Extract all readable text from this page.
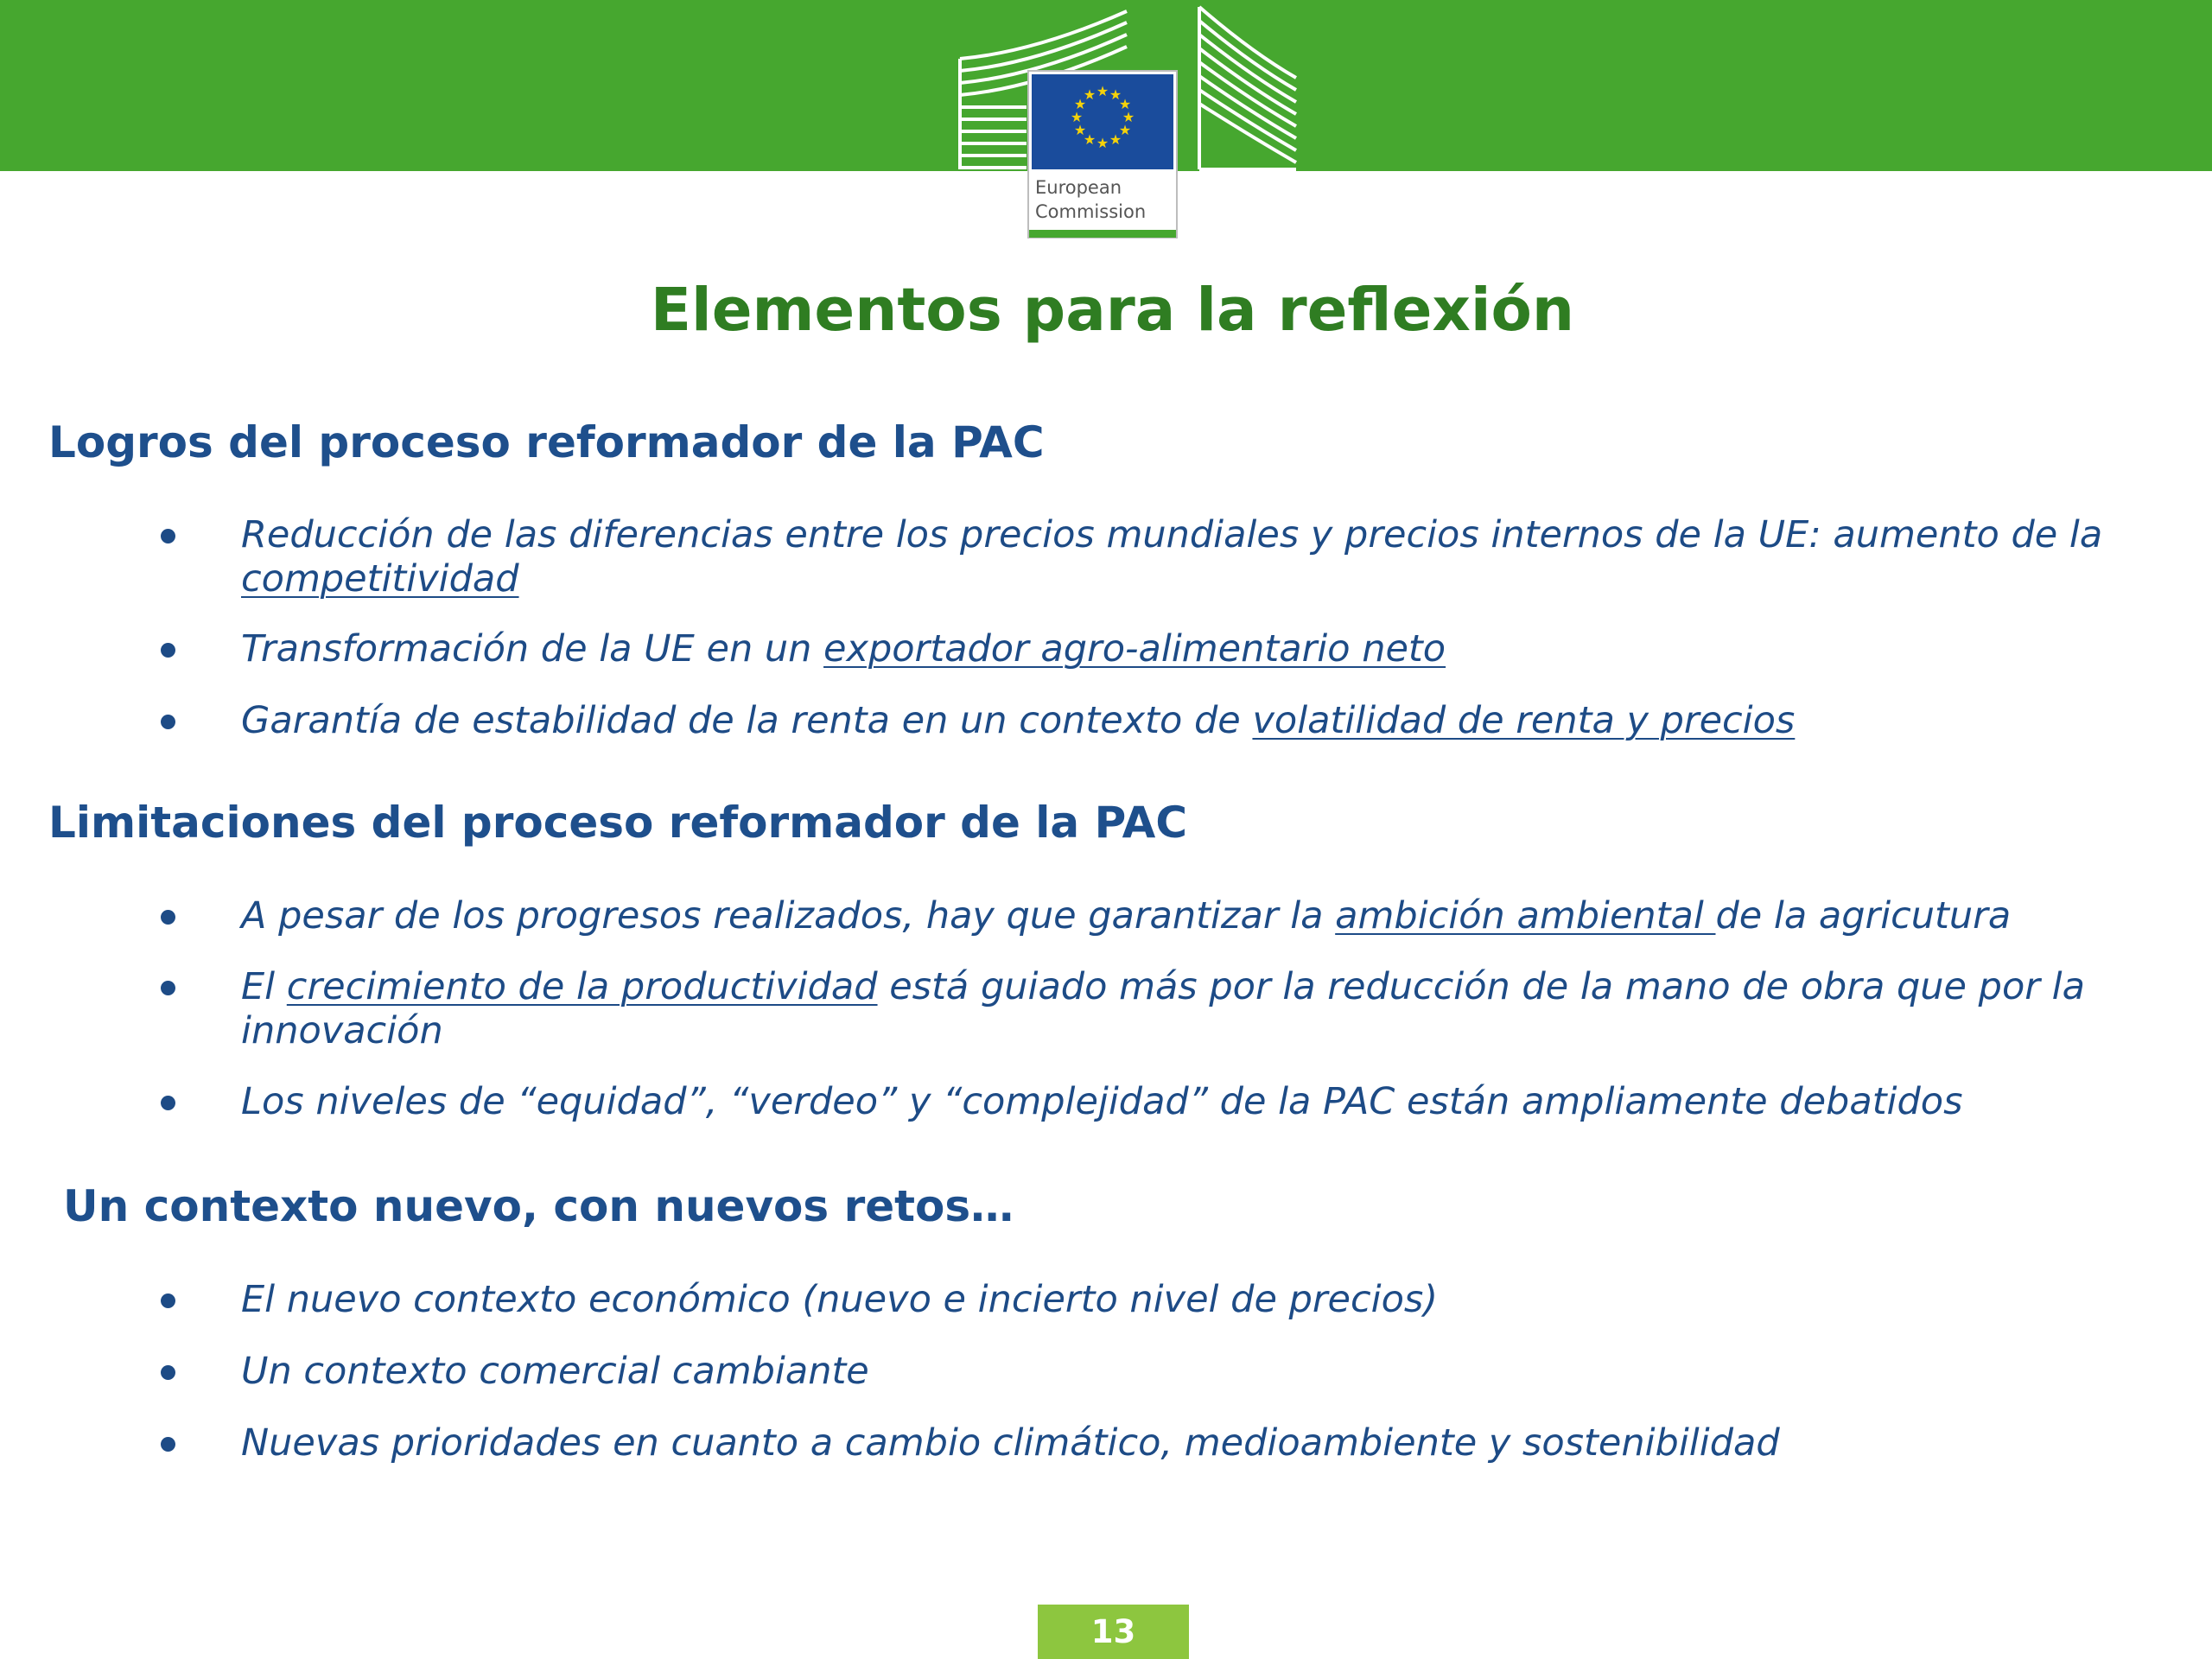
★ ★
★
★
★
★
★
★
★
★
★
★
European
Commission
Elementos para la reflexión
Logros del proceso reformador de la PAC
Reducción de las diferencias entre los precios mundiales y precios internos de la UE: aumento de la competitividad
Transformación de la UE en un exportador agro-alimentario neto
Garantía de estabilidad de la renta en un contexto de volatilidad de renta y precios
Limitaciones del proceso reformador de la PAC
A pesar de los progresos realizados, hay que garantizar la ambición ambiental de la agricutura
El crecimiento de la productividad está guiado más por la reducción de la mano de obra que por la innovación
Los niveles de “equidad”, “verdeo” y “complejidad” de la PAC están ampliamente debatidos
Un contexto nuevo, con nuevos retos…
El nuevo contexto económico (nuevo e incierto nivel de precios)
Un contexto comercial cambiante
Nuevas prioridades en cuanto a cambio climático, medioambiente y sostenibilidad
13
